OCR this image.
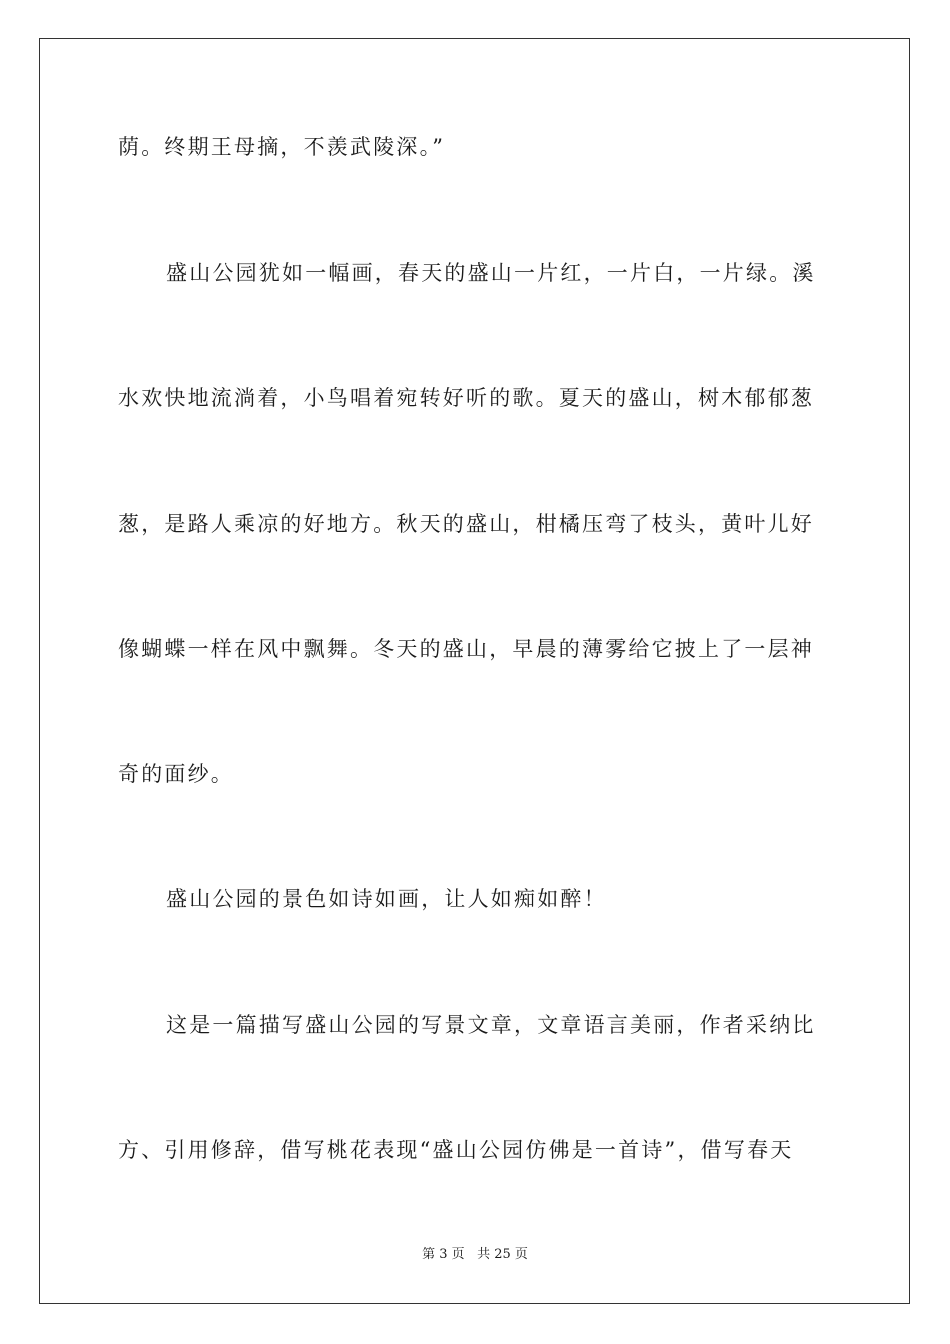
荫。终期王母摘，不羡武陵深。”
盛山公园犹如一幅画，春天的盛山一片红，一片白，一片绿。溪
水欢快地流淌着，小鸟唱着宛转好听的歌。夏天的盛山，树木郁郁葱
葱，是路人乘凉的好地方。秋天的盛山，柑橘压弯了枝头，黄叶儿好
像蝴蝶一样在风中飘舞。冬天的盛山，早晨的薄雾给它披上了一层神
奇的面纱。
盛山公园的景色如诗如画，让人如痴如醉！
这是一篇描写盛山公园的写景文章，文章语言美丽，作者采纳比
方、引用修辞，借写桃花表现“盛山公园仿佛是一首诗”，借写春天
第 3 页 共 25 页
